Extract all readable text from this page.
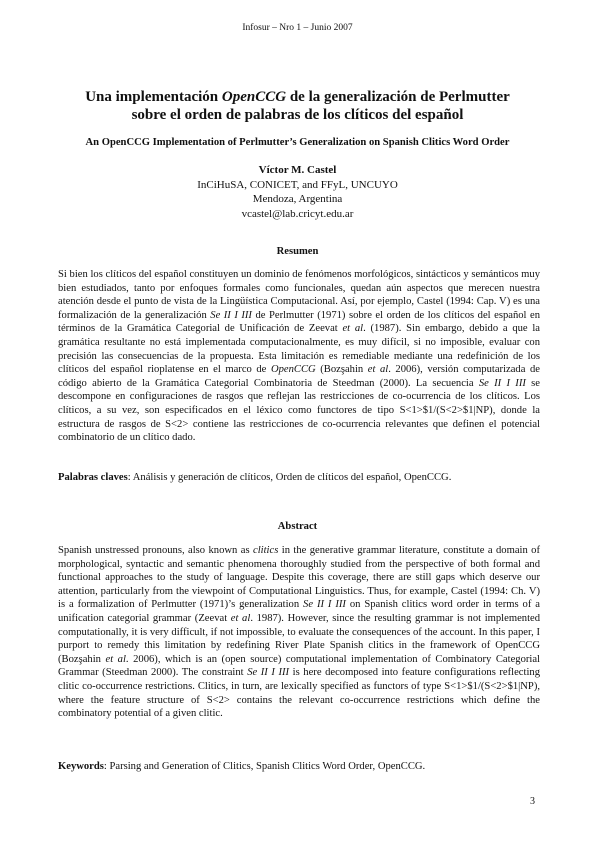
Infosur – Nro 1 – Junio 2007
Una implementación OpenCCG de la generalización de Perlmutter
sobre el orden de palabras de los clíticos del español
An OpenCCG Implementation of Perlmutter’s Generalization on Spanish Clitics Word Order
Víctor M. Castel
InCiHuSA, CONICET, and FFyL, UNCUYO
Mendoza, Argentina
vcastel@lab.cricyt.edu.ar
Resumen

Si bien los clíticos del español constituyen un dominio de fenómenos morfológicos, sintácticos y semánticos muy bien estudiados, tanto por enfoques formales como funcionales, quedan aún aspectos que merecen nuestra atención desde el punto de vista de la Lingüística Computacional. Así, por ejemplo, Castel (1994: Cap. V) es una formalización de la generalización Se II I III de Perlmutter (1971) sobre el orden de los clíticos del español en términos de la Gramática Categorial de Unificación de Zeevat et al. (1987). Sin embargo, debido a que la gramática resultante no está implementada computacionalmente, es muy difícil, si no imposible, evaluar con precisión las consecuencias de la propuesta. Esta limitación es remediable mediante una redefinición de los clíticos del español rioplatense en el marco de OpenCCG (Bozşahin et al. 2006), versión computarizada de código abierto de la Gramática Categorial Combinatoria de Steedman (2000). La secuencia Se II I III se descompone en configuraciones de rasgos que reflejan las restricciones de co-ocurrencia de los clíticos. Los clíticos, a su vez, son especificados en el léxico como functores de tipo S<1>$1/(S<2>$1|NP), donde la estructura de rasgos de S<2> contiene las restricciones de co-ocurrencia relevantes que definen el potencial combinatorio de un clítico dado.

Palabras claves: Análisis y generación de clíticos, Orden de clíticos del español, OpenCCG.
Abstract

Spanish unstressed pronouns, also known as clitics in the generative grammar literature, constitute a domain of morphological, syntactic and semantic phenomena thoroughly studied from the perspective of both formal and functional approaches to the study of language. Despite this coverage, there are still gaps which deserve our attention, particularly from the viewpoint of Computational Linguistics. Thus, for example, Castel (1994: Ch. V) is a formalization of Perlmutter (1971)’s generalization Se II I III on Spanish clitics word order in terms of a unification categorial grammar (Zeevat et al. 1987). However, since the resulting grammar is not implemented computationally, it is very difficult, if not impossible, to evaluate the consequences of the account. In this paper, I purport to remedy this limitation by redefining River Plate Spanish clitics in the framework of OpenCCG (Bozşahin et al. 2006), which is an (open source) computational implementation of Combinatory Categorial Grammar (Steedman 2000). The constraint Se II I III is here decomposed into feature configurations reflecting clitic co-occurrence restrictions. Clitics, in turn, are lexically specified as functors of type S<1>$1/(S<2>$1|NP), where the feature structure of S<2> contains the relevant co-occurrence restrictions which define the combinatory potential of a given clitic.

Keywords: Parsing and Generation of Clitics, Spanish Clitics Word Order, OpenCCG.
3
